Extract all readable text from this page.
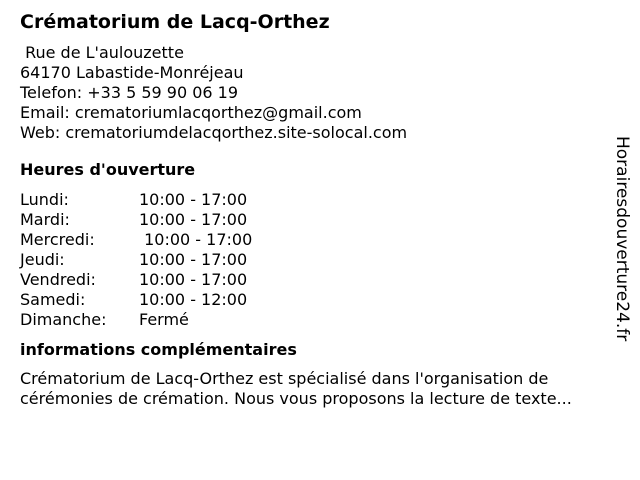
Crématorium de Lacq-Orthez
Rue de L'aulouzette
64170 Labastide-Monréjeau
Telefon: +33 5 59 90 06 19
Email: crematoriumlacqorthez@gmail.com
Web: crematoriumdelacqorthez.site-solocal.com
Heures d'ouverture
Lundi:	10:00 - 17:00
Mardi:	10:00 - 17:00
Mercredi:	10:00 - 17:00
Jeudi:	10:00 - 17:00
Vendredi:	10:00 - 17:00
Samedi:	10:00 - 12:00
Dimanche:	Fermé
informations complémentaires
Crématorium de Lacq-Orthez est spécialisé dans l'organisation de cérémonies de crémation. Nous vous proposons la lecture de texte...
Horairesdouverture24.fr
